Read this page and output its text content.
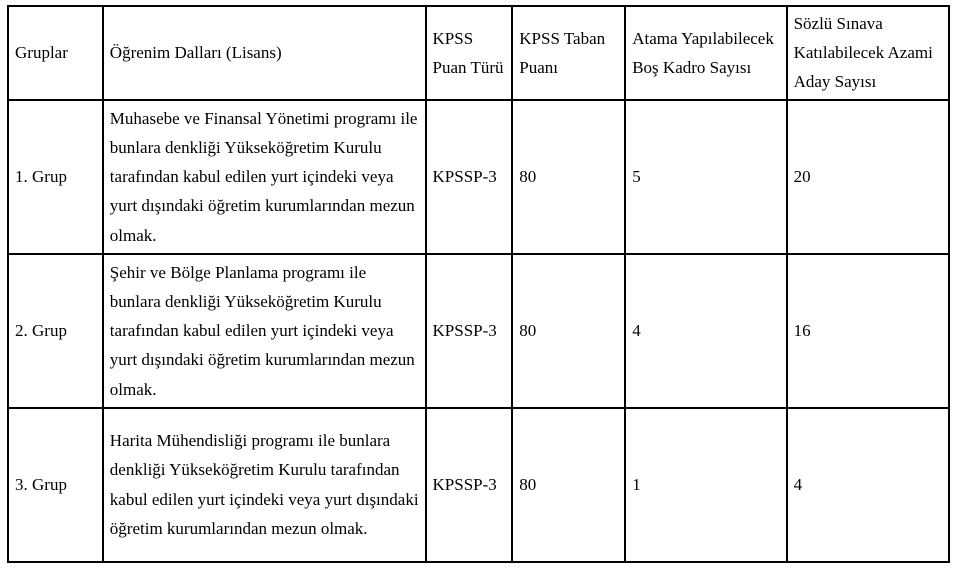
Gruplar	Öğrenim Dalları (Lisans)	KPSS Puan Türü	KPSS Taban Puanı	Atama Yapılabilecek Boş Kadro Sayısı	Sözlü Sınava Katılabilecek Azami Aday Sayısı
1. Grup	Muhasebe ve Finansal Yönetimi programı ile bunlara denkliği Yükseköğretim Kurulu tarafından kabul edilen yurt içindeki veya yurt dışındaki öğretim kurumlarından mezun olmak.	KPSSP-3	80	5	20
2. Grup	Şehir ve Bölge Planlama programı ile bunlara denkliği Yükseköğretim Kurulu tarafından kabul edilen yurt içindeki veya yurt dışındaki öğretim kurumlarından mezun olmak.	KPSSP-3	80	4	16
3. Grup	Harita Mühendisliği programı ile bunlara denkliği Yükseköğretim Kurulu tarafından kabul edilen yurt içindeki veya yurt dışındaki öğretim kurumlarından mezun olmak.	KPSSP-3	80	1	4
